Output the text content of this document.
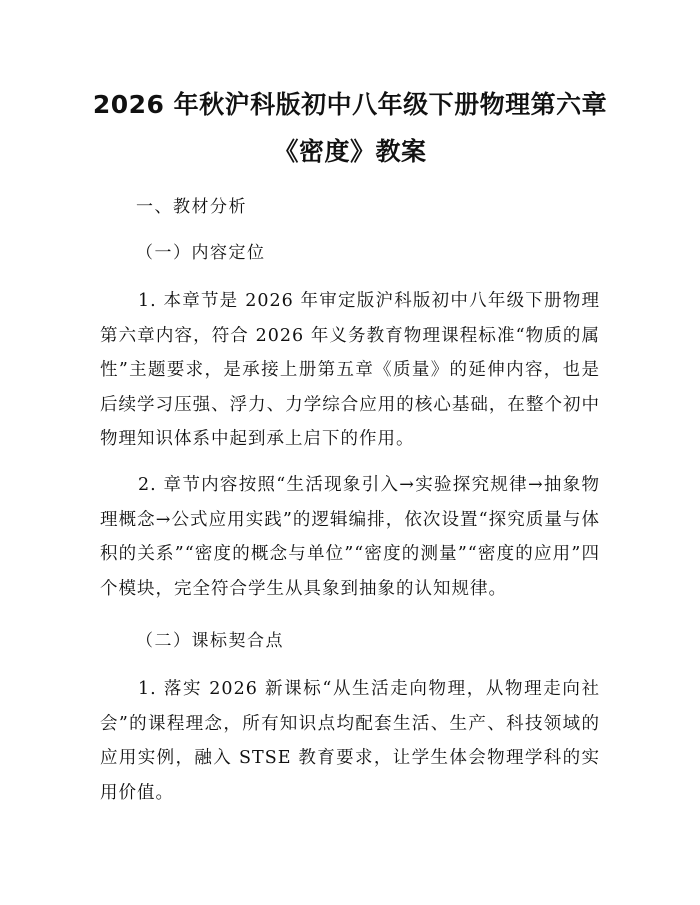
2026 年秋沪科版初中八年级下册物理第六章
《密度》教案
一、教材分析
（一）内容定位

1. 本章节是 2026 年审定版沪科版初中八年级下册物理第六章内容，符合 2026 年义务教育物理课程标准“物质的属性”主题要求，是承接上册第五章《质量》的延伸内容，也是后续学习压强、浮力、力学综合应用的核心基础，在整个初中物理知识体系中起到承上启下的作用。

2. 章节内容按照“生活现象引入→实验探究规律→抽象物理概念→公式应用实践”的逻辑编排，依次设置“探究质量与体积的关系”“密度的概念与单位”“密度的测量”“密度的应用”四个模块，完全符合学生从具象到抽象的认知规律。

（二）课标契合点

1. 落实 2026 新课标“从生活走向物理，从物理走向社会”的课程理念，所有知识点均配套生活、生产、科技领域的应用实例，融入 STSE 教育要求，让学生体会物理学科的实用价值。
